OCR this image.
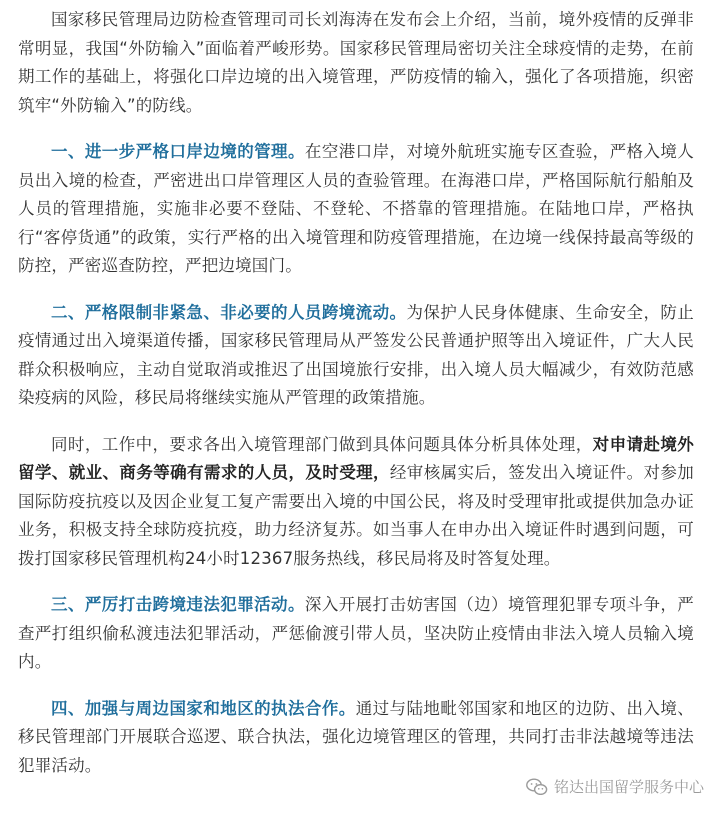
国家移民管理局边防检查管理司司长刘海涛在发布会上介绍，当前，境外疫情的反弹非常明显，我国“外防输入”面临着严峻形势。国家移民管理局密切关注全球疫情的走势，在前期工作的基础上，将强化口岸边境的出入境管理，严防疫情的输入，强化了各项措施，织密筑牢“外防输入”的防线。

一、进一步严格口岸边境的管理。在空港口岸，对境外航班实施专区查验，严格入境人员出入境的检查，严密进出口岸管理区人员的查验管理。在海港口岸，严格国际航行船舶及人员的管理措施，实施非必要不登陆、不登轮、不搭靠的管理措施。在陆地口岸，严格执行“客停货通”的政策，实行严格的出入境管理和防疫管理措施，在边境一线保持最高等级的防控，严密巡查防控，严把边境国门。

二、严格限制非紧急、非必要的人员跨境流动。为保护人民身体健康、生命安全，防止疫情通过出入境渠道传播，国家移民管理局从严签发公民普通护照等出入境证件，广大人民群众积极响应，主动自觉取消或推迟了出国境旅行安排，出入境人员大幅减少，有效防范感染疫病的风险，移民局将继续实施从严管理的政策措施。

同时，工作中，要求各出入境管理部门做到具体问题具体分析具体处理，对申请赴境外留学、就业、商务等确有需求的人员，及时受理，经审核属实后，签发出入境证件。对参加国际防疫抗疫以及因企业复工复产需要出入境的中国公民，将及时受理审批或提供加急办证业务，积极支持全球防疫抗疫，助力经济复苏。如当事人在申办出入境证件时遇到问题，可拨打国家移民管理机构24小时12367服务热线，移民局将及时答复处理。

三、严厉打击跨境违法犯罪活动。深入开展打击妨害国（边）境管理犯罪专项斗争，严查严打组织偷私渡违法犯罪活动，严惩偷渡引带人员，坚决防止疫情由非法入境人员输入境内。

四、加强与周边国家和地区的执法合作。通过与陆地毗邻国家和地区的边防、出入境、移民管理部门开展联合巡逻、联合执法，强化边境管理区的管理，共同打击非法越境等违法犯罪活动。

铭达出国留学服务中心
